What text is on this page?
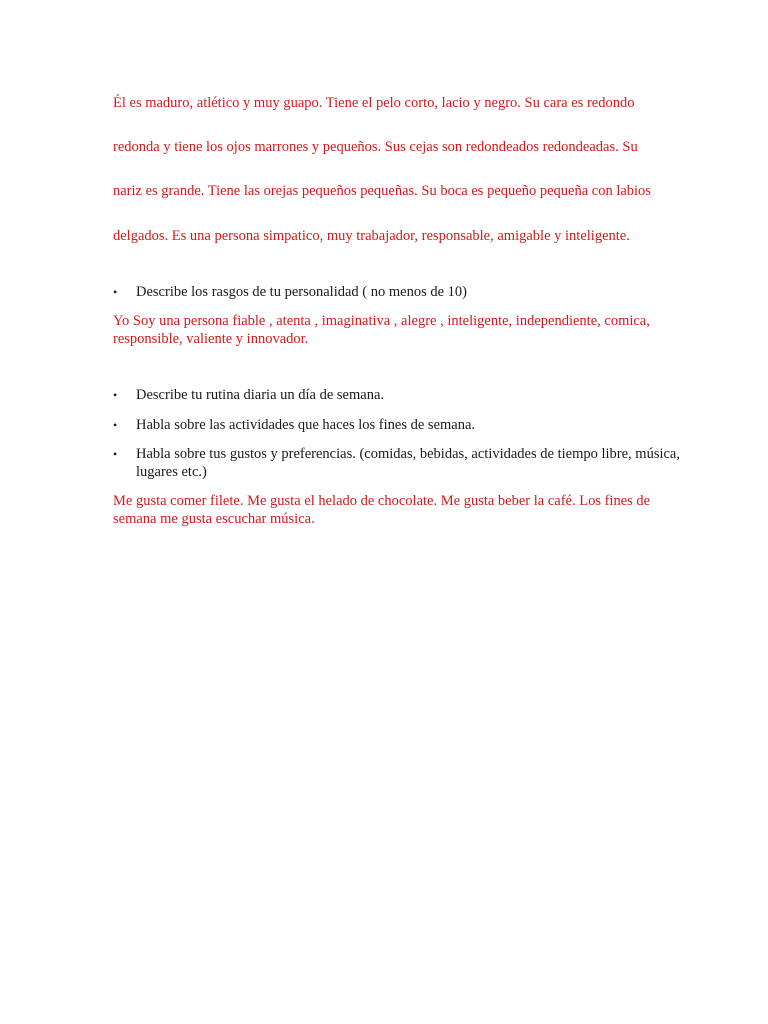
Él es maduro, atlético y muy guapo. Tiene el pelo corto, lacio y negro. Su cara es redondo
redonda y tiene los ojos marrones y pequeños. Sus cejas son redondeados redondeadas. Su
nariz es grande. Tiene las orejas pequeños pequeñas. Su boca es pequeño pequeña con labios
delgados. Es una persona simpatico, muy trabajador, responsable, amigable y inteligente.
• Describe los rasgos de tu personalidad ( no menos de 10)
Yo Soy una persona fiable , atenta , imaginativa , alegre , inteligente, independiente, comica, responsible, valiente y innovador.
• Describe tu rutina diaria un día de semana.
• Habla sobre las actividades que haces los fines de semana.
• Habla sobre tus gustos y preferencias. (comidas, bebidas, actividades de tiempo libre, música, lugares etc.)
Me gusta comer filete. Me gusta el helado de chocolate. Me gusta beber la café. Los fines de semana me gusta escuchar música.
